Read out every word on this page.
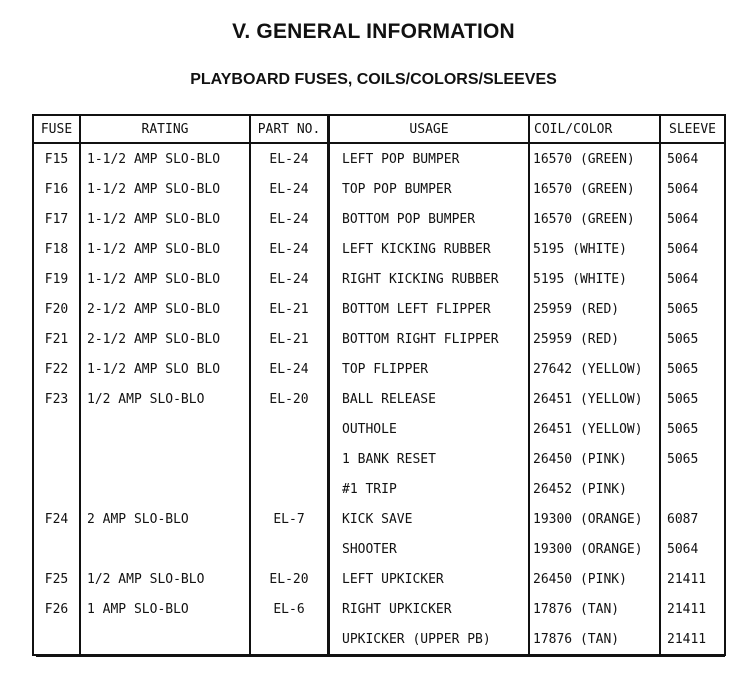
V. GENERAL INFORMATION
PLAYBOARD FUSES, COILS/COLORS/SLEEVES
FUSE	RATING	PART NO.	USAGE	COIL/COLOR	SLEEVE
F15	1-1/2 AMP SLO-BLO	EL-24	LEFT POP BUMPER	16570 (GREEN)	5064
F16	1-1/2 AMP SLO-BLO	EL-24	TOP POP BUMPER	16570 (GREEN)	5064
F17	1-1/2 AMP SLO-BLO	EL-24	BOTTOM POP BUMPER	16570 (GREEN)	5064
F18	1-1/2 AMP SLO-BLO	EL-24	LEFT KICKING RUBBER	5195 (WHITE)	5064
F19	1-1/2 AMP SLO-BLO	EL-24	RIGHT KICKING RUBBER	5195 (WHITE)	5064
F20	2-1/2 AMP SLO-BLO	EL-21	BOTTOM LEFT FLIPPER	25959 (RED)	5065
F21	2-1/2 AMP SLO-BLO	EL-21	BOTTOM RIGHT FLIPPER	25959 (RED)	5065
F22	1-1/2 AMP SLO BLO	EL-24	TOP FLIPPER	27642 (YELLOW)	5065
F23	1/2 AMP SLO-BLO	EL-20	BALL RELEASE	26451 (YELLOW)	5065
			OUTHOLE	26451 (YELLOW)	5065
			1 BANK RESET	26450 (PINK)	5065
			#1 TRIP	26452 (PINK)	
F24	2 AMP SLO-BLO	EL-7	KICK SAVE	19300 (ORANGE)	6087
			SHOOTER	19300 (ORANGE)	5064
F25	1/2 AMP SLO-BLO	EL-20	LEFT UPKICKER	26450 (PINK)	21411
F26	1 AMP SLO-BLO	EL-6	RIGHT UPKICKER	17876 (TAN)	21411
			UPKICKER (UPPER PB)	17876 (TAN)	21411
